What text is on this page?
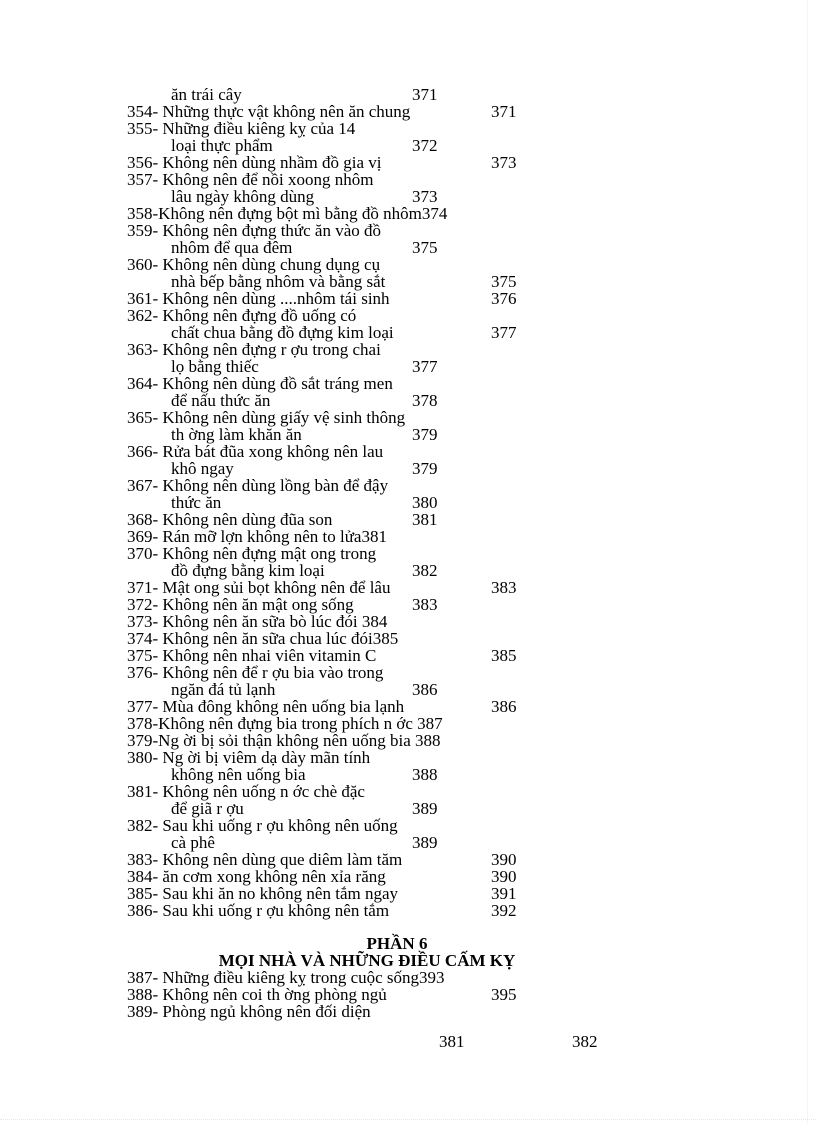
ăn trái cây	371
354- Những thực vật không nên ăn chung	371
355- Những điều kiêng kỵ của 14
loại thực phẩm	372
356- Không nên dùng nhầm đồ gia vị	373
357- Không nên để nồi xoong nhôm
lâu ngày không dùng	373
358-Không nên đựng bột mì bằng đồ nhôm374
359- Không nên đựng thức ăn vào đồ
nhôm để qua đêm	375
360- Không nên dùng chung dụng cụ
nhà bếp bằng nhôm và bằng sắt	375
361- Không nên dùng ....nhôm tái sinh	376
362- Không nên đựng đồ uống có
chất chua bằng đồ đựng kim loại	377
363- Không nên đựng r ợu trong chai
lọ bằng thiếc	377
364- Không nên dùng đồ sắt tráng men
để nấu thức ăn	378
365- Không nên dùng giấy vệ sinh thông
th ờng làm khăn ăn	379
366- Rửa bát đũa xong không nên lau
khô ngay	379
367- Không nên dùng lồng bàn để đậy
thức ăn	380
368- Không nên dùng đũa son	381
369- Rán mỡ lợn không nên to lửa381
370- Không nên đựng mật ong trong
đồ đựng bằng kim loại	382
371- Mật ong sủi bọt không nên để lâu	383
372- Không nên ăn mật ong sống	383
373- Không nên ăn sữa bò lúc đói 384
374- Không nên ăn sữa chua lúc đói385
375- Không nên nhai viên vitamin C	385
376- Không nên để r ợu bia vào trong
ngăn đá tủ lạnh	386
377- Mùa đông không nên uống bia lạnh	386
378-Không nên đựng bia trong phích n ớc 387
379-Ng ời bị sỏi thận không nên uống bia 388
380- Ng ời bị viêm dạ dày mãn tính
không nên uống bia	388
381- Không nên uống n ớc chè đặc
để giã r ợu	389
382- Sau khi uống r ợu không nên uống
cà phê	389
383- Không nên dùng que diêm làm tăm	390
384- ăn cơm xong không nên xỉa răng	390
385- Sau khi ăn no không nên tắm ngay	391
386- Sau khi uống r ợu không nên tắm	392
PHẦN 6
MỌI NHÀ VÀ NHỮNG ĐIỀU CẤM KỴ
387- Những điều kiêng kỵ trong cuộc sống393
388- Không nên coi th ờng phòng ngủ	395
389- Phòng ngủ không nên đối diện
381	382
